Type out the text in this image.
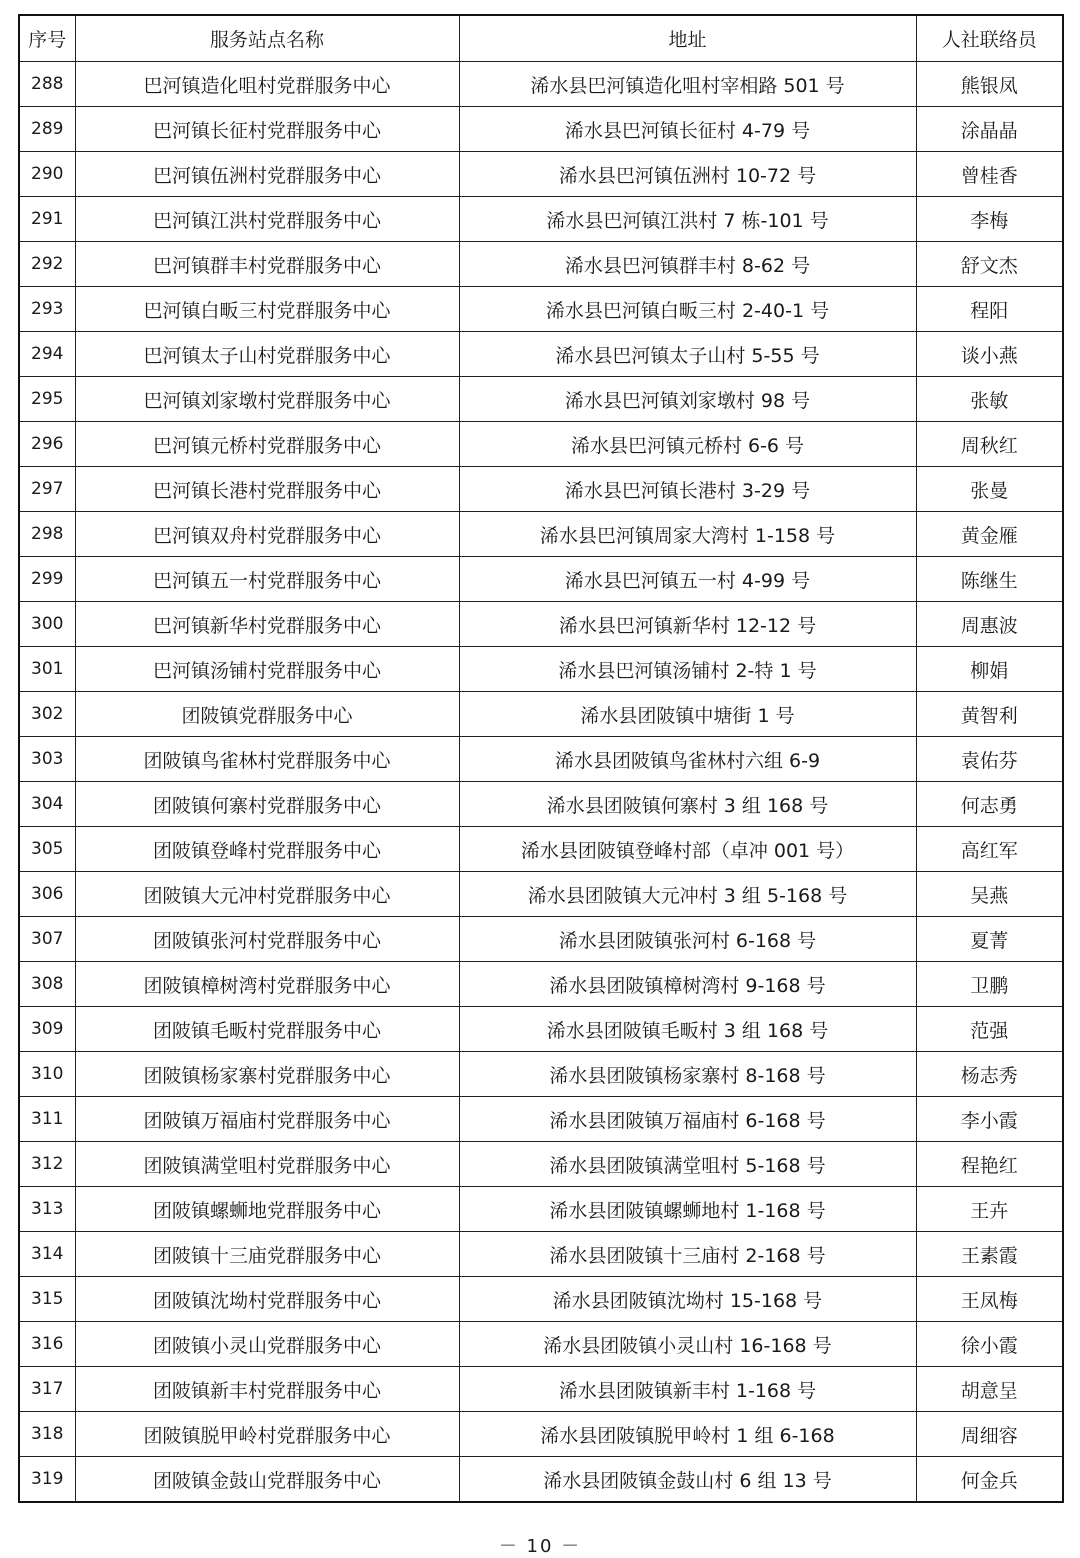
序号	服务站点名称	地址	人社联络员
288	巴河镇造化咀村党群服务中心	浠水县巴河镇造化咀村宰相路 501 号	熊银凤
289	巴河镇长征村党群服务中心	浠水县巴河镇长征村 4-79 号	涂晶晶
290	巴河镇伍洲村党群服务中心	浠水县巴河镇伍洲村 10-72 号	曾桂香
291	巴河镇江洪村党群服务中心	浠水县巴河镇江洪村 7 栋-101 号	李梅
292	巴河镇群丰村党群服务中心	浠水县巴河镇群丰村 8-62 号	舒文杰
293	巴河镇白畈三村党群服务中心	浠水县巴河镇白畈三村 2-40-1 号	程阳
294	巴河镇太子山村党群服务中心	浠水县巴河镇太子山村 5-55 号	谈小燕
295	巴河镇刘家墩村党群服务中心	浠水县巴河镇刘家墩村 98 号	张敏
296	巴河镇元桥村党群服务中心	浠水县巴河镇元桥村 6-6 号	周秋红
297	巴河镇长港村党群服务中心	浠水县巴河镇长港村 3-29 号	张曼
298	巴河镇双舟村党群服务中心	浠水县巴河镇周家大湾村 1-158 号	黄金雁
299	巴河镇五一村党群服务中心	浠水县巴河镇五一村 4-99 号	陈继生
300	巴河镇新华村党群服务中心	浠水县巴河镇新华村 12-12 号	周惠波
301	巴河镇汤铺村党群服务中心	浠水县巴河镇汤铺村 2-特 1 号	柳娟
302	团陂镇党群服务中心	浠水县团陂镇中塘街 1 号	黄智利
303	团陂镇鸟雀林村党群服务中心	浠水县团陂镇鸟雀林村六组 6-9	袁佑芬
304	团陂镇何寨村党群服务中心	浠水县团陂镇何寨村 3 组 168 号	何志勇
305	团陂镇登峰村党群服务中心	浠水县团陂镇登峰村部（卓冲 001 号）	高红军
306	团陂镇大元冲村党群服务中心	浠水县团陂镇大元冲村 3 组 5-168 号	吴燕
307	团陂镇张河村党群服务中心	浠水县团陂镇张河村 6-168 号	夏菁
308	团陂镇樟树湾村党群服务中心	浠水县团陂镇樟树湾村 9-168 号	卫鹏
309	团陂镇毛畈村党群服务中心	浠水县团陂镇毛畈村 3 组 168 号	范强
310	团陂镇杨家寨村党群服务中心	浠水县团陂镇杨家寨村 8-168 号	杨志秀
311	团陂镇万福庙村党群服务中心	浠水县团陂镇万福庙村 6-168 号	李小霞
312	团陂镇满堂咀村党群服务中心	浠水县团陂镇满堂咀村 5-168 号	程艳红
313	团陂镇螺蛳地党群服务中心	浠水县团陂镇螺蛳地村 1-168 号	王卉
314	团陂镇十三庙党群服务中心	浠水县团陂镇十三庙村 2-168 号	王素霞
315	团陂镇沈坳村党群服务中心	浠水县团陂镇沈坳村 15-168 号	王凤梅
316	团陂镇小灵山党群服务中心	浠水县团陂镇小灵山村 16-168 号	徐小霞
317	团陂镇新丰村党群服务中心	浠水县团陂镇新丰村 1-168 号	胡意呈
318	团陂镇脱甲岭村党群服务中心	浠水县团陂镇脱甲岭村 1 组 6-168	周细容
319	团陂镇金鼓山党群服务中心	浠水县团陂镇金鼓山村 6 组 13 号	何金兵
－ 10 －
